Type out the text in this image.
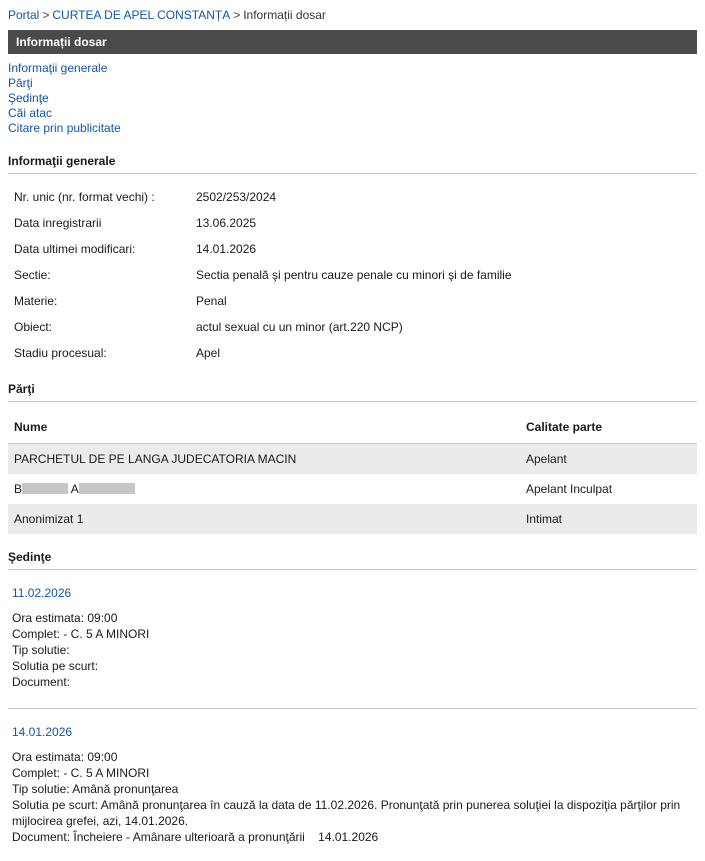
Portal > CURTEA DE APEL CONSTANȚA > Informații dosar
Informații dosar
Informaţii generale
Părţi
Şedinţe
Căi atac
Citare prin publicitate
Informaţii generale
Nr. unic (nr. format vechi) :	2502/253/2024
Data inregistrarii	13.06.2025
Data ultimei modificari:	14.01.2026
Sectie:	Sectia penală şi pentru cauze penale cu minori şi de familie
Materie:	Penal
Obiect:	actul sexual cu un minor (art.220 NCP)
Stadiu procesual:	Apel
Părţi
Nume	Calitate parte
PARCHETUL DE PE LANGA JUDECATORIA MACIN	Apelant
B A	Apelant Inculpat
Anonimizat 1	Intimat
Şedinţe
11.02.2026
Ora estimata: 09:00
Complet: - C. 5 A MINORI
Tip solutie:
Solutia pe scurt:
Document:
14.01.2026
Ora estimata: 09:00
Complet: - C. 5 A MINORI
Tip solutie: Amână pronunţarea
Solutia pe scurt: Amână pronunţarea în cauză la data de 11.02.2026. Pronunţată prin punerea soluţiei la dispoziţia părţilor prin mijlocirea grefei, azi, 14.01.2026.
Document: Încheiere - Amânare ulterioară a pronunţării    14.01.2026
